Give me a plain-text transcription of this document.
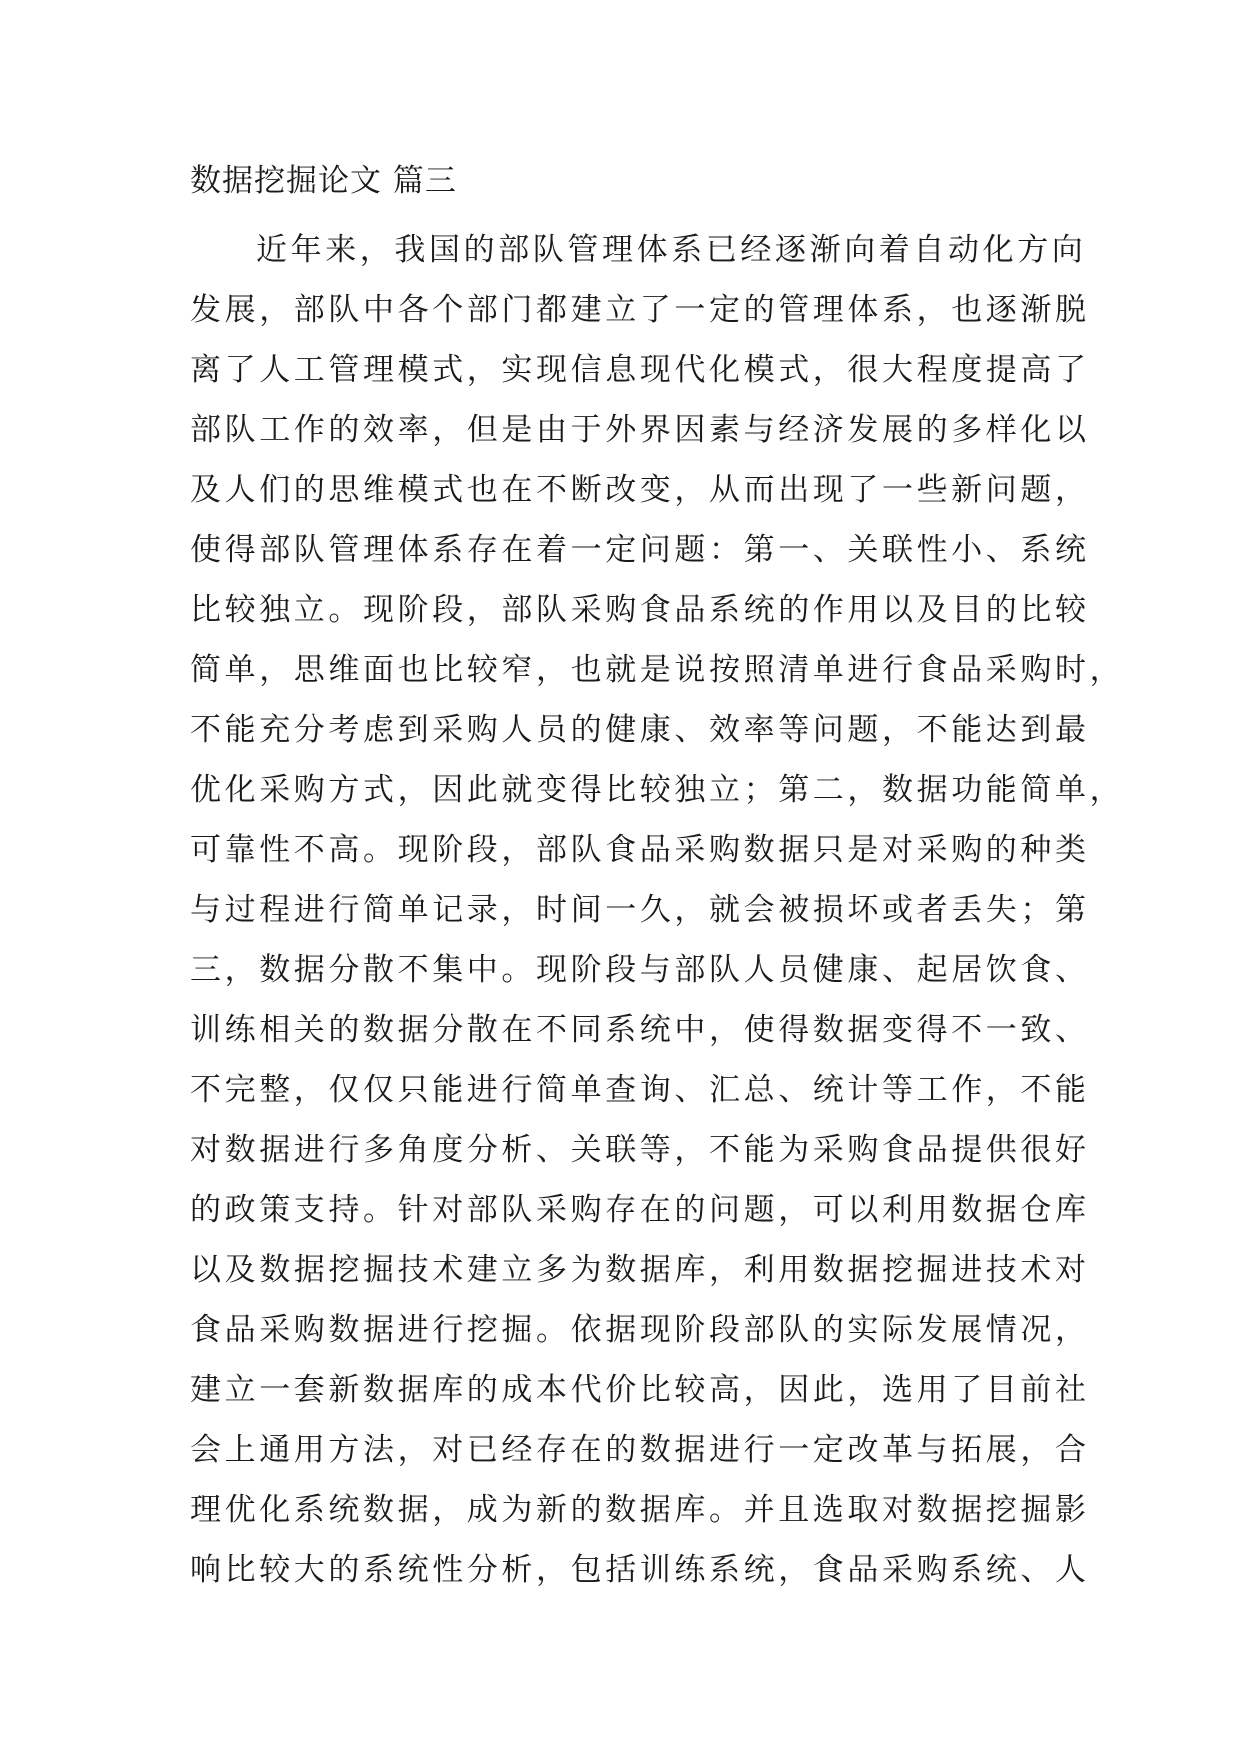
数据挖掘论文 篇三
近年来，我国的部队管理体系已经逐渐向着自动化方向
发展，部队中各个部门都建立了一定的管理体系，也逐渐脱
离了人工管理模式，实现信息现代化模式，很大程度提高了
部队工作的效率，但是由于外界因素与经济发展的多样化以
及人们的思维模式也在不断改变，从而出现了一些新问题，
使得部队管理体系存在着一定问题：第一、关联性小、系统
比较独立。现阶段，部队采购食品系统的作用以及目的比较
简单，思维面也比较窄，也就是说按照清单进行食品采购时，
不能充分考虑到采购人员的健康、效率等问题，不能达到最
优化采购方式，因此就变得比较独立；第二，数据功能简单，
可靠性不高。现阶段，部队食品采购数据只是对采购的种类
与过程进行简单记录，时间一久，就会被损坏或者丢失；第
三，数据分散不集中。现阶段与部队人员健康、起居饮食、
训练相关的数据分散在不同系统中，使得数据变得不一致、
不完整，仅仅只能进行简单查询、汇总、统计等工作，不能
对数据进行多角度分析、关联等，不能为采购食品提供很好
的政策支持。针对部队采购存在的问题，可以利用数据仓库
以及数据挖掘技术建立多为数据库，利用数据挖掘进技术对
食品采购数据进行挖掘。依据现阶段部队的实际发展情况，
建立一套新数据库的成本代价比较高，因此，选用了目前社
会上通用方法，对已经存在的数据进行一定改革与拓展，合
理优化系统数据，成为新的数据库。并且选取对数据挖掘影
响比较大的系统性分析，包括训练系统，食品采购系统、人
